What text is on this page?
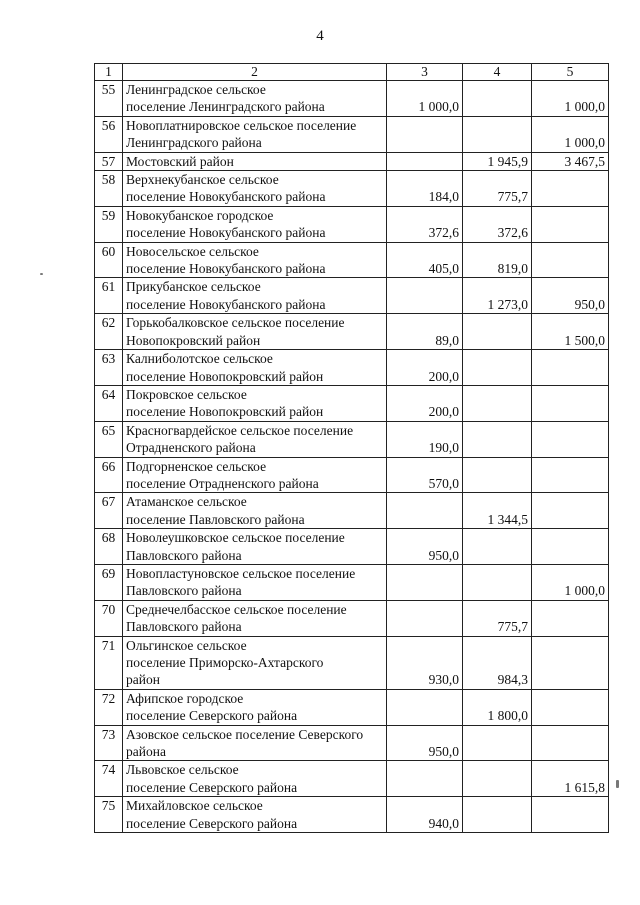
4
1	2	3	4	5
55	Ленинградское сельское
поселение Ленинградского района	1 000,0		1 000,0
56	Новоплатнировское сельское поселение
Ленинградского района			1 000,0
57	Мостовский район		1 945,9	3 467,5
58	Верхнекубанское сельское
поселение Новокубанского района	184,0	775,7	
59	Новокубанское городское
поселение Новокубанского района	372,6	372,6	
60	Новосельское сельское
поселение Новокубанского района	405,0	819,0	
61	Прикубанское сельское
поселение Новокубанского района		1 273,0	950,0
62	Горькобалковское сельское поселение
Новопокровский район	89,0		1 500,0
63	Калниболотское сельское
поселение Новопокровский район	200,0		
64	Покровское сельское
поселение Новопокровский район	200,0		
65	Красногвардейское сельское поселение
Отрадненского района	190,0		
66	Подгорненское сельское
поселение Отрадненского района	570,0		
67	Атаманское сельское
поселение Павловского района		1 344,5	
68	Новолеушковское сельское поселение
Павловского района	950,0		
69	Новопластуновское сельское поселение
Павловского района			1 000,0
70	Среднечелбасское сельское поселение
Павловского района		775,7	
71	Ольгинское сельское
поселение Приморско-Ахтарского
район	930,0	984,3	
72	Афипское городское
поселение Северского района		1 800,0	
73	Азовское сельское поселение Северского
района	950,0		
74	Львовское сельское
поселение Северского района			1 615,8
75	Михайловское сельское
поселение Северского района	940,0		
